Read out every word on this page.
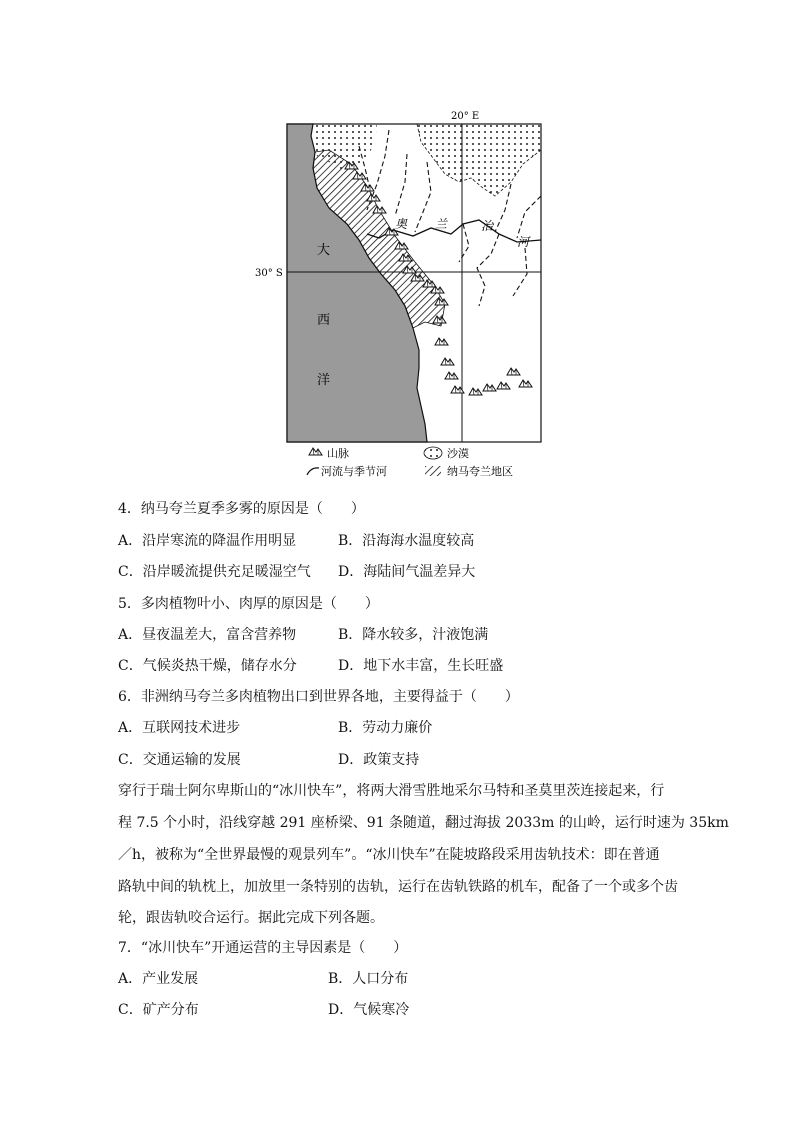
20° E
30° S
大
西
洋
奥 兰	治
河
山脉	沙漠
河流与季节河	纳马夸兰地区
4．纳马夸兰夏季多雾的原因是（　　）
A．沿岸寒流的降温作用明显	B．沿海海水温度较高
C．沿岸暖流提供充足暖湿空气 D．海陆间气温差异大
5．多肉植物叶小、肉厚的原因是（　　）
A．昼夜温差大，富含营养物	B．降水较多，汁液饱满
C．气候炎热干燥，储存水分	D．地下水丰富，生长旺盛
6．非洲纳马夸兰多肉植物出口到世界各地，主要得益于（　　）
A．互联网技术进步	B．劳动力廉价
C．交通运输的发展	D．政策支持
穿行于瑞士阿尔卑斯山的“冰川快车”，将两大滑雪胜地采尔马特和圣莫里茨连接起来，行
程 7.5 个小时，沿线穿越 291 座桥梁、91 条随道，翻过海拔 2033m 的山岭，运行时速为 35km
／h，被称为“全世界最慢的观景列车”。“冰川快车”在陡坡路段采用齿轨技术：即在普通
路轨中间的轨枕上，加放里一条特别的齿轨，运行在齿轨铁路的机车，配备了一个或多个齿
轮，跟齿轨咬合运行。据此完成下列各题。
7．“冰川快车”开通运营的主导因素是（　　）
A．产业发展	B．人口分布
C．矿产分布	D．气候寒冷
